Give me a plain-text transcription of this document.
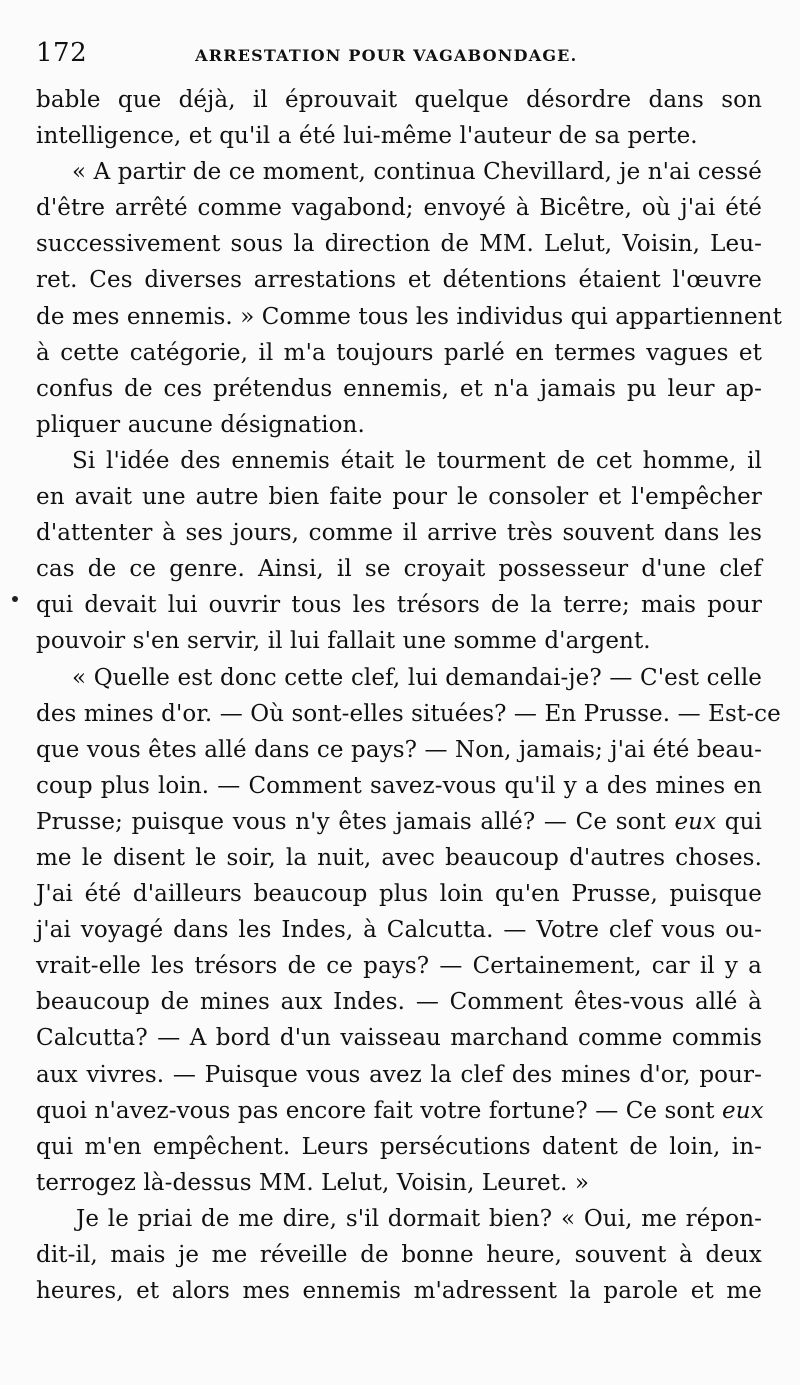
172	ARRESTATION POUR VAGABONDAGE.
bable que déjà, il éprouvait quelque désordre dans son
intelligence, et qu'il a été lui-même l'auteur de sa perte.
« A partir de ce moment, continua Chevillard, je n'ai cessé
d'être arrêté comme vagabond; envoyé à Bicêtre, où j'ai été
successivement sous la direction de MM. Lelut, Voisin, Leu-
ret. Ces diverses arrestations et détentions étaient l'œuvre
de mes ennemis. » Comme tous les individus qui appartiennent
à cette catégorie, il m'a toujours parlé en termes vagues et
confus de ces prétendus ennemis, et n'a jamais pu leur ap-
pliquer aucune désignation.
Si l'idée des ennemis était le tourment de cet homme, il
en avait une autre bien faite pour le consoler et l'empêcher
d'attenter à ses jours, comme il arrive très souvent dans les
cas de ce genre. Ainsi, il se croyait possesseur d'une clef
qui devait lui ouvrir tous les trésors de la terre; mais pour
pouvoir s'en servir, il lui fallait une somme d'argent.
« Quelle est donc cette clef, lui demandai-je? — C'est celle
des mines d'or. — Où sont-elles situées? — En Prusse. — Est-ce
que vous êtes allé dans ce pays? — Non, jamais; j'ai été beau-
coup plus loin. — Comment savez-vous qu'il y a des mines en
Prusse; puisque vous n'y êtes jamais allé? — Ce sont eux qui
me le disent le soir, la nuit, avec beaucoup d'autres choses.
J'ai été d'ailleurs beaucoup plus loin qu'en Prusse, puisque
j'ai voyagé dans les Indes, à Calcutta. — Votre clef vous ou-
vrait-elle les trésors de ce pays? — Certainement, car il y a
beaucoup de mines aux Indes. — Comment êtes-vous allé à
Calcutta? — A bord d'un vaisseau marchand comme commis
aux vivres. — Puisque vous avez la clef des mines d'or, pour-
quoi n'avez-vous pas encore fait votre fortune? — Ce sont eux
qui m'en empêchent. Leurs persécutions datent de loin, in-
terrogez là-dessus MM. Lelut, Voisin, Leuret. »
Je le priai de me dire, s'il dormait bien? « Oui, me répon-
dit-il, mais je me réveille de bonne heure, souvent à deux
heures, et alors mes ennemis m'adressent la parole et me
